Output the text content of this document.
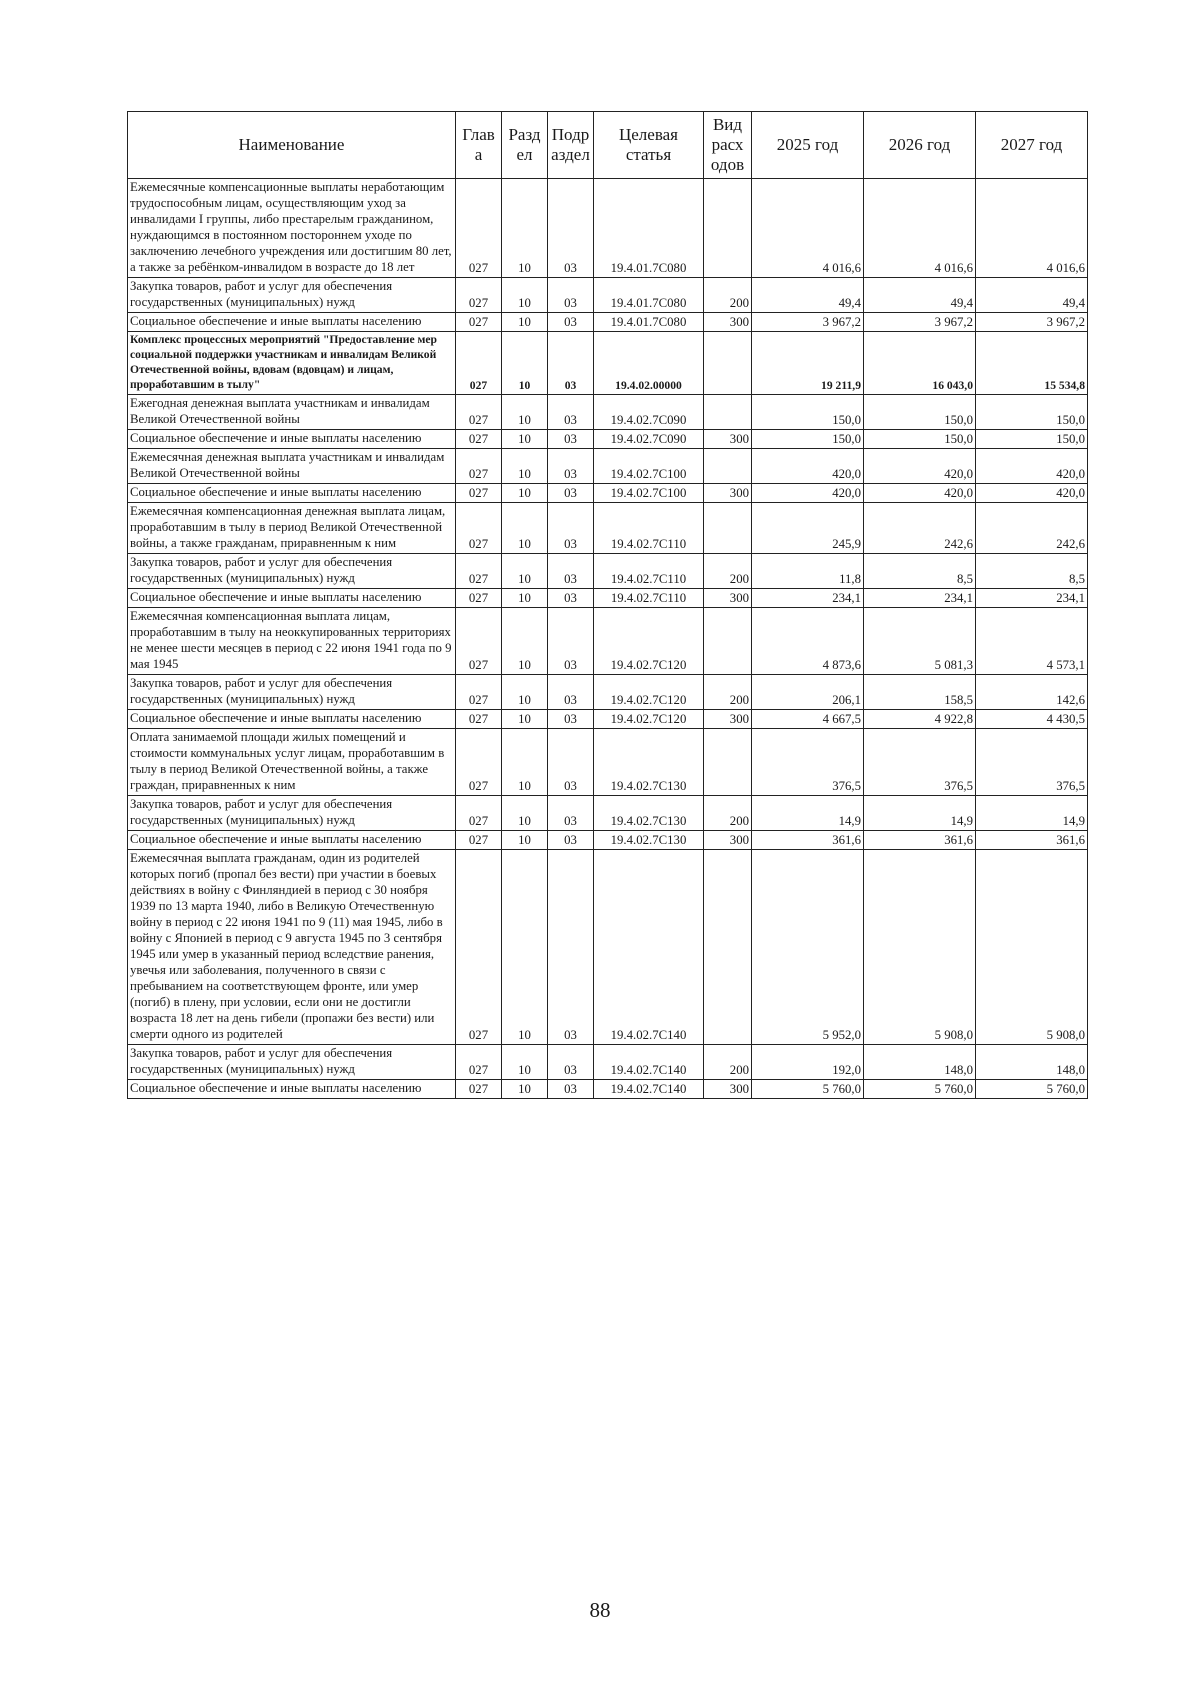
Наименование	Глав а	Разд ел	Подр аздел	Целевая статья	Вид расх одов	2025 год	2026 год	2027 год
Ежемесячные компенсационные выплаты неработающим трудоспособным лицам, осуществляющим уход за инвалидами I группы, либо престарелым гражданином, нуждающимся в постоянном постороннем уходе по заключению лечебного учреждения или достигшим 80 лет, а также за ребёнком-инвалидом в возрасте до 18 лет	027	10	03	19.4.01.7C080		4 016,6	4 016,6	4 016,6
Закупка товаров, работ и услуг для обеспечения государственных (муниципальных) нужд	027	10	03	19.4.01.7C080	200	49,4	49,4	49,4
Социальное обеспечение и иные выплаты населению	027	10	03	19.4.01.7C080	300	3 967,2	3 967,2	3 967,2
Комплекс процессных мероприятий "Предоставление мер социальной поддержки участникам и инвалидам Великой Отечественной войны, вдовам (вдовцам) и лицам, проработавшим в тылу"	027	10	03	19.4.02.00000		19 211,9	16 043,0	15 534,8
Ежегодная денежная выплата участникам и инвалидам Великой Отечественной войны	027	10	03	19.4.02.7C090		150,0	150,0	150,0
Социальное обеспечение и иные выплаты населению	027	10	03	19.4.02.7C090	300	150,0	150,0	150,0
Ежемесячная денежная выплата участникам и инвалидам Великой Отечественной войны	027	10	03	19.4.02.7C100		420,0	420,0	420,0
Социальное обеспечение и иные выплаты населению	027	10	03	19.4.02.7C100	300	420,0	420,0	420,0
Ежемесячная компенсационная денежная выплата лицам, проработавшим в тылу в период Великой Отечественной войны, а также гражданам, приравненным к ним	027	10	03	19.4.02.7C110		245,9	242,6	242,6
Закупка товаров, работ и услуг для обеспечения государственных (муниципальных) нужд	027	10	03	19.4.02.7C110	200	11,8	8,5	8,5
Социальное обеспечение и иные выплаты населению	027	10	03	19.4.02.7C110	300	234,1	234,1	234,1
Ежемесячная компенсационная выплата лицам, проработавшим в тылу на неоккупированных территориях не менее шести месяцев в период с 22 июня 1941 года по 9 мая 1945	027	10	03	19.4.02.7C120		4 873,6	5 081,3	4 573,1
Закупка товаров, работ и услуг для обеспечения государственных (муниципальных) нужд	027	10	03	19.4.02.7C120	200	206,1	158,5	142,6
Социальное обеспечение и иные выплаты населению	027	10	03	19.4.02.7C120	300	4 667,5	4 922,8	4 430,5
Оплата занимаемой площади жилых помещений и стоимости коммунальных услуг лицам, проработавшим в тылу в период Великой Отечественной войны, а также граждан, приравненных к ним	027	10	03	19.4.02.7C130		376,5	376,5	376,5
Закупка товаров, работ и услуг для обеспечения государственных (муниципальных) нужд	027	10	03	19.4.02.7C130	200	14,9	14,9	14,9
Социальное обеспечение и иные выплаты населению	027	10	03	19.4.02.7C130	300	361,6	361,6	361,6
Ежемесячная выплата гражданам, один из родителей которых погиб (пропал без вести) при участии в боевых действиях в войну с Финляндией в период с 30 ноября 1939 по 13 марта 1940, либо в Великую Отечественную войну в период с 22 июня 1941 по 9 (11) мая 1945, либо в войну с Японией в период с 9 августа 1945 по 3 сентября 1945 или умер в указанный период вследствие ранения, увечья или заболевания, полученного в связи с пребыванием на соответствующем фронте, или умер (погиб) в плену, при условии, если они не достигли возраста 18 лет на день гибели (пропажи без вести) или смерти одного из родителей	027	10	03	19.4.02.7C140		5 952,0	5 908,0	5 908,0
Закупка товаров, работ и услуг для обеспечения государственных (муниципальных) нужд	027	10	03	19.4.02.7C140	200	192,0	148,0	148,0
Социальное обеспечение и иные выплаты населению	027	10	03	19.4.02.7C140	300	5 760,0	5 760,0	5 760,0
88
